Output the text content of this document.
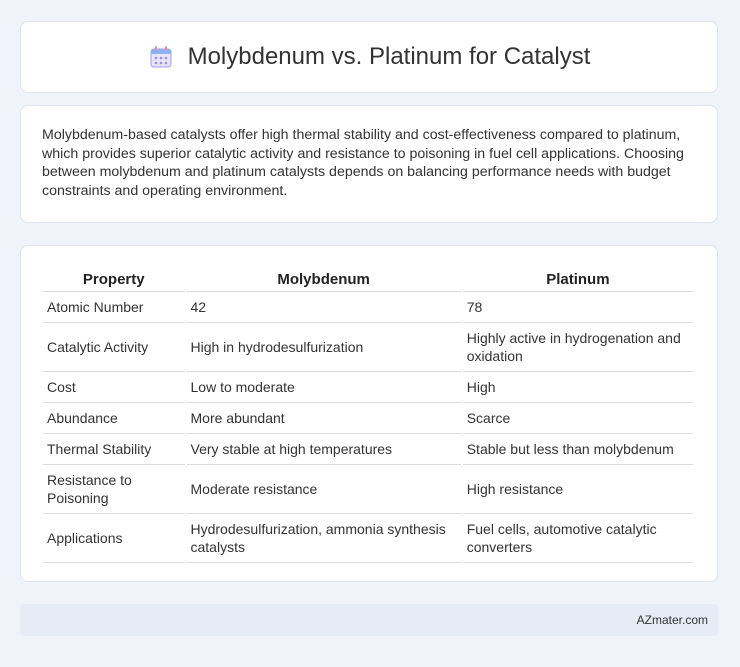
Molybdenum vs. Platinum for Catalyst

Molybdenum-based catalysts offer high thermal stability and cost-effectiveness compared to platinum, which provides superior catalytic activity and resistance to poisoning in fuel cell applications. Choosing between molybdenum and platinum catalysts depends on balancing performance needs with budget constraints and operating environment.

Property	Molybdenum	Platinum
Atomic Number	42	78
Catalytic Activity	High in hydrodesulfurization	Highly active in hydrogenation and oxidation
Cost	Low to moderate	High
Abundance	More abundant	Scarce
Thermal Stability	Very stable at high temperatures	Stable but less than molybdenum
Resistance to Poisoning	Moderate resistance	High resistance
Applications	Hydrodesulfurization, ammonia synthesis catalysts	Fuel cells, automotive catalytic converters
AZmater.com
